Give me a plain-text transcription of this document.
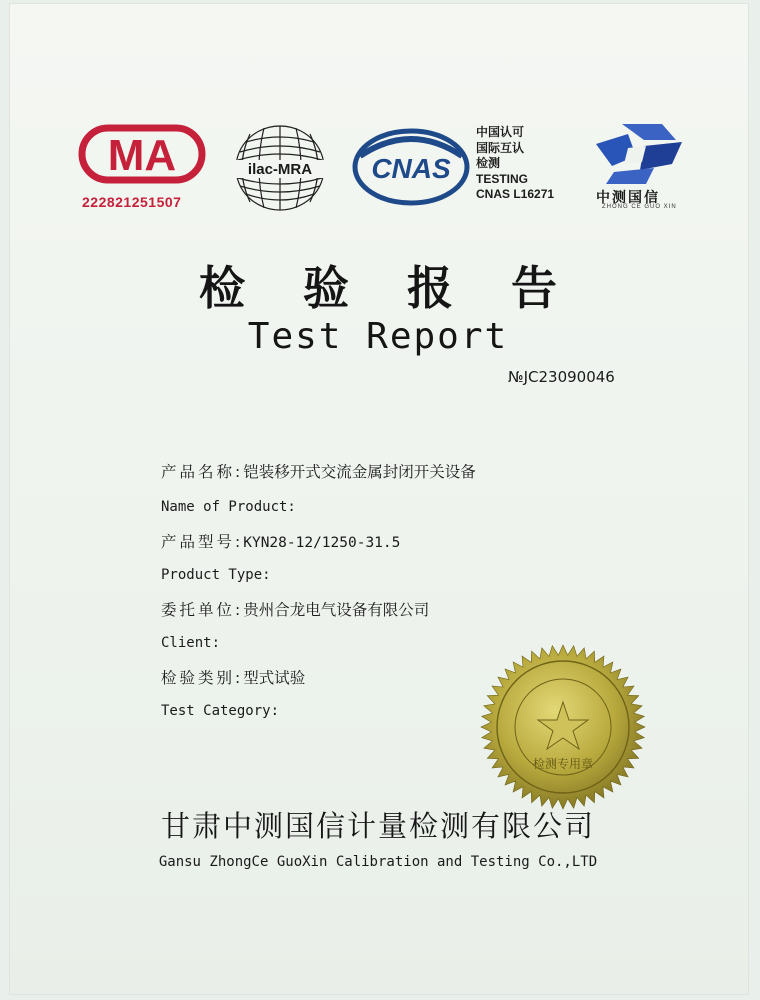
MA
222821251507
ilac-MRA CNAS
中国认可
国际互认
检测
TESTING
CNAS L16271	中测国信
ZHONG CE GUO XIN
检验报告
Test Report
№JC23090046
产品名称:铠装移开式交流金属封闭开关设备
Name of Product:
产品型号:KYN28-12/1250-31.5
Product Type:
委托单位:贵州合龙电气设备有限公司
Client:
检验类别:型式试验
Test Category:
检测专用章
甘肃中测国信计量检测有限公司
Gansu ZhongCe GuoXin Calibration and Testing Co.,LTD
